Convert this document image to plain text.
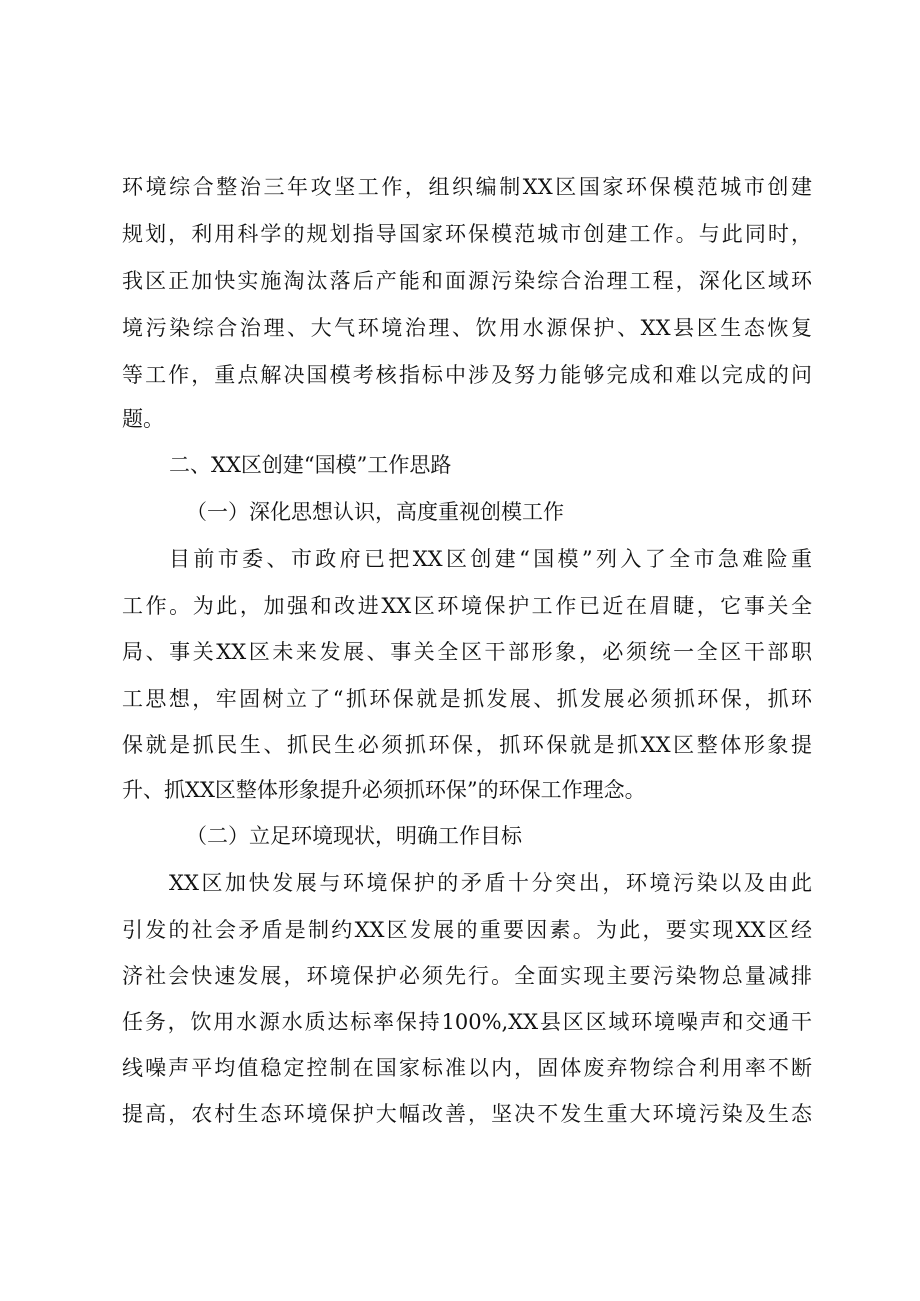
环境综合整治三年攻坚工作，组织编制XX区国家环保模范城市创建

规划，利用科学的规划指导国家环保模范城市创建工作。与此同时，

我区正加快实施淘汰落后产能和面源污染综合治理工程，深化区域环

境污染综合治理、大气环境治理、饮用水源保护、XX县区生态恢复

等工作，重点解决国模考核指标中涉及努力能够完成和难以完成的问

题。

二、XX区创建“国模”工作思路

（一）深化思想认识，高度重视创模工作

目前市委、市政府已把XX区创建“国模”列入了全市急难险重

工作。为此，加强和改进XX区环境保护工作已近在眉睫，它事关全

局、事关XX区未来发展、事关全区干部形象，必须统一全区干部职

工思想，牢固树立了“抓环保就是抓发展、抓发展必须抓环保，抓环

保就是抓民生、抓民生必须抓环保，抓环保就是抓XX区整体形象提

升、抓XX区整体形象提升必须抓环保”的环保工作理念。

（二）立足环境现状，明确工作目标

XX区加快发展与环境保护的矛盾十分突出，环境污染以及由此

引发的社会矛盾是制约XX区发展的重要因素。为此，要实现XX区经

济社会快速发展，环境保护必须先行。全面实现主要污染物总量减排

任务，饮用水源水质达标率保持100%,XX县区区域环境噪声和交通干

线噪声平均值稳定控制在国家标准以内，固体废弃物综合利用率不断

提高，农村生态环境保护大幅改善，坚决不发生重大环境污染及生态
